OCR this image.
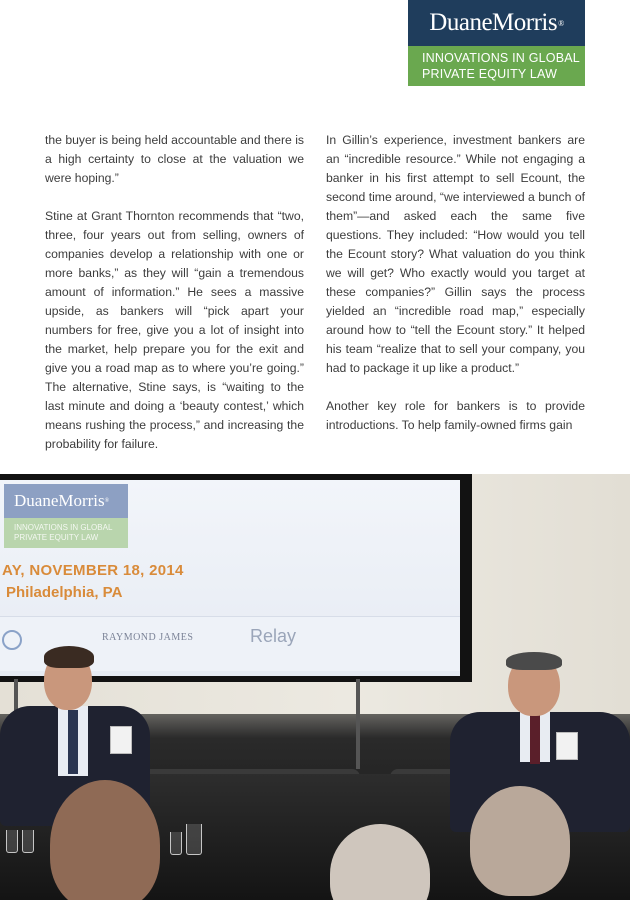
DuaneMorris ®
INNOVATIONS IN GLOBAL
PRIVATE EQUITY LAW

the buyer is being held accountable and there is a high certainty to close at the valuation we were hoping.”

Stine at Grant Thornton recommends that “two, three, four years out from selling, owners of companies develop a relationship with one or more banks,” as they will “gain a tremendous amount of information.” He sees a massive upside, as bankers will “pick apart your numbers for free, give you a lot of insight into the market, help prepare you for the exit and give you a road map as to where you’re going.” The alternative, Stine says, is “waiting to the last minute and doing a ‘beauty contest,’ which means rushing the process,” and increasing the probability for failure.

In Gillin’s experience, investment bankers are an “incredible resource.” While not engaging a banker in his first attempt to sell Ecount, the second time around, “we interviewed a bunch of them”—and asked each the same five questions. They included: “How would you tell the Ecount story? What valuation do you think we will get? Who exactly would you target at these companies?” Gillin says the process yielded an “incredible road map,” especially around how to “tell the Ecount story.” It helped his team “realize that to sell your company, you had to package it up like a product.”

Another key role for bankers is to provide introductions. To help family-owned firms gain

DuaneMorris ®
INNOVATIONS IN GLOBAL
PRIVATE EQUITY LAW
AY, NOVEMBER 18, 2014
Philadelphia, PA
RAYMOND JAMES	Relay
